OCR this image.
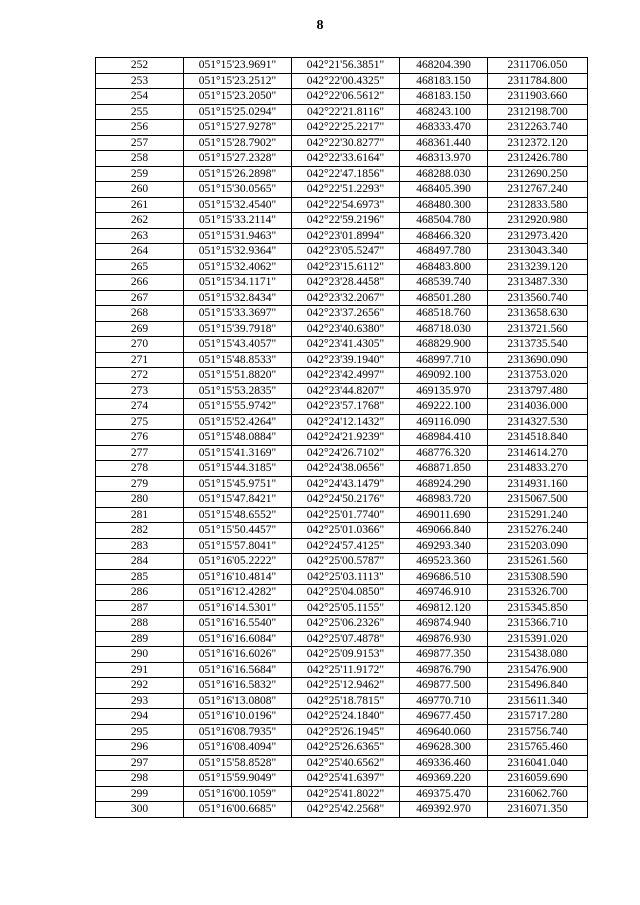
8
252	051°15'23.9691"	042°21'56.3851"	468204.390	2311706.050
253	051°15'23.2512"	042°22'00.4325"	468183.150	2311784.800
254	051°15'23.2050"	042°22'06.5612"	468183.150	2311903.660
255	051°15'25.0294"	042°22'21.8116"	468243.100	2312198.700
256	051°15'27.9278"	042°22'25.2217"	468333.470	2312263.740
257	051°15'28.7902"	042°22'30.8277"	468361.440	2312372.120
258	051°15'27.2328"	042°22'33.6164"	468313.970	2312426.780
259	051°15'26.2898"	042°22'47.1856"	468288.030	2312690.250
260	051°15'30.0565"	042°22'51.2293"	468405.390	2312767.240
261	051°15'32.4540"	042°22'54.6973"	468480.300	2312833.580
262	051°15'33.2114"	042°22'59.2196"	468504.780	2312920.980
263	051°15'31.9463"	042°23'01.8994"	468466.320	2312973.420
264	051°15'32.9364"	042°23'05.5247"	468497.780	2313043.340
265	051°15'32.4062"	042°23'15.6112"	468483.800	2313239.120
266	051°15'34.1171"	042°23'28.4458"	468539.740	2313487.330
267	051°15'32.8434"	042°23'32.2067"	468501.280	2313560.740
268	051°15'33.3697"	042°23'37.2656"	468518.760	2313658.630
269	051°15'39.7918"	042°23'40.6380"	468718.030	2313721.560
270	051°15'43.4057"	042°23'41.4305"	468829.900	2313735.540
271	051°15'48.8533"	042°23'39.1940"	468997.710	2313690.090
272	051°15'51.8820"	042°23'42.4997"	469092.100	2313753.020
273	051°15'53.2835"	042°23'44.8207"	469135.970	2313797.480
274	051°15'55.9742"	042°23'57.1768"	469222.100	2314036.000
275	051°15'52.4264"	042°24'12.1432"	469116.090	2314327.530
276	051°15'48.0884"	042°24'21.9239"	468984.410	2314518.840
277	051°15'41.3169"	042°24'26.7102"	468776.320	2314614.270
278	051°15'44.3185"	042°24'38.0656"	468871.850	2314833.270
279	051°15'45.9751"	042°24'43.1479"	468924.290	2314931.160
280	051°15'47.8421"	042°24'50.2176"	468983.720	2315067.500
281	051°15'48.6552"	042°25'01.7740"	469011.690	2315291.240
282	051°15'50.4457"	042°25'01.0366"	469066.840	2315276.240
283	051°15'57.8041"	042°24'57.4125"	469293.340	2315203.090
284	051°16'05.2222"	042°25'00.5787"	469523.360	2315261.560
285	051°16'10.4814"	042°25'03.1113"	469686.510	2315308.590
286	051°16'12.4282"	042°25'04.0850"	469746.910	2315326.700
287	051°16'14.5301"	042°25'05.1155"	469812.120	2315345.850
288	051°16'16.5540"	042°25'06.2326"	469874.940	2315366.710
289	051°16'16.6084"	042°25'07.4878"	469876.930	2315391.020
290	051°16'16.6026"	042°25'09.9153"	469877.350	2315438.080
291	051°16'16.5684"	042°25'11.9172"	469876.790	2315476.900
292	051°16'16.5832"	042°25'12.9462"	469877.500	2315496.840
293	051°16'13.0808"	042°25'18.7815"	469770.710	2315611.340
294	051°16'10.0196"	042°25'24.1840"	469677.450	2315717.280
295	051°16'08.7935"	042°25'26.1945"	469640.060	2315756.740
296	051°16'08.4094"	042°25'26.6365"	469628.300	2315765.460
297	051°15'58.8528"	042°25'40.6562"	469336.460	2316041.040
298	051°15'59.9049"	042°25'41.6397"	469369.220	2316059.690
299	051°16'00.1059"	042°25'41.8022"	469375.470	2316062.760
300	051°16'00.6685"	042°25'42.2568"	469392.970	2316071.350
